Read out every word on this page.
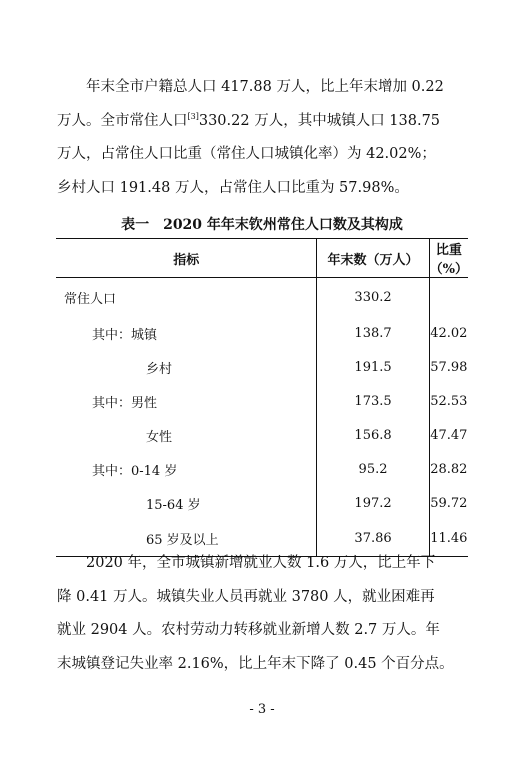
年末全市户籍总人口 417.88 万人，比上年末增加 0.22
万人。全市常住人口[3]330.22 万人，其中城镇人口 138.75
万人，占常住人口比重（常住人口城镇化率）为 42.02%；
乡村人口 191.48 万人，占常住人口比重为 57.98%。
表一　2020 年年末钦州常住人口数及其构成
指标	年末数（万人）	比重（%）
常住人口	330.2	
其中：城镇	138.7	42.02
乡村	191.5	57.98
其中：男性	173.5	52.53
女性	156.8	47.47
其中：0-14 岁	95.2	28.82
15-64 岁	197.2	59.72
65 岁及以上	37.86	11.46
2020 年，全市城镇新增就业人数 1.6 万人，比上年下
降 0.41 万人。城镇失业人员再就业 3780 人，就业困难再
就业 2904 人。农村劳动力转移就业新增人数 2.7 万人。年
末城镇登记失业率 2.16%，比上年末下降了 0.45 个百分点。
- 3 -
